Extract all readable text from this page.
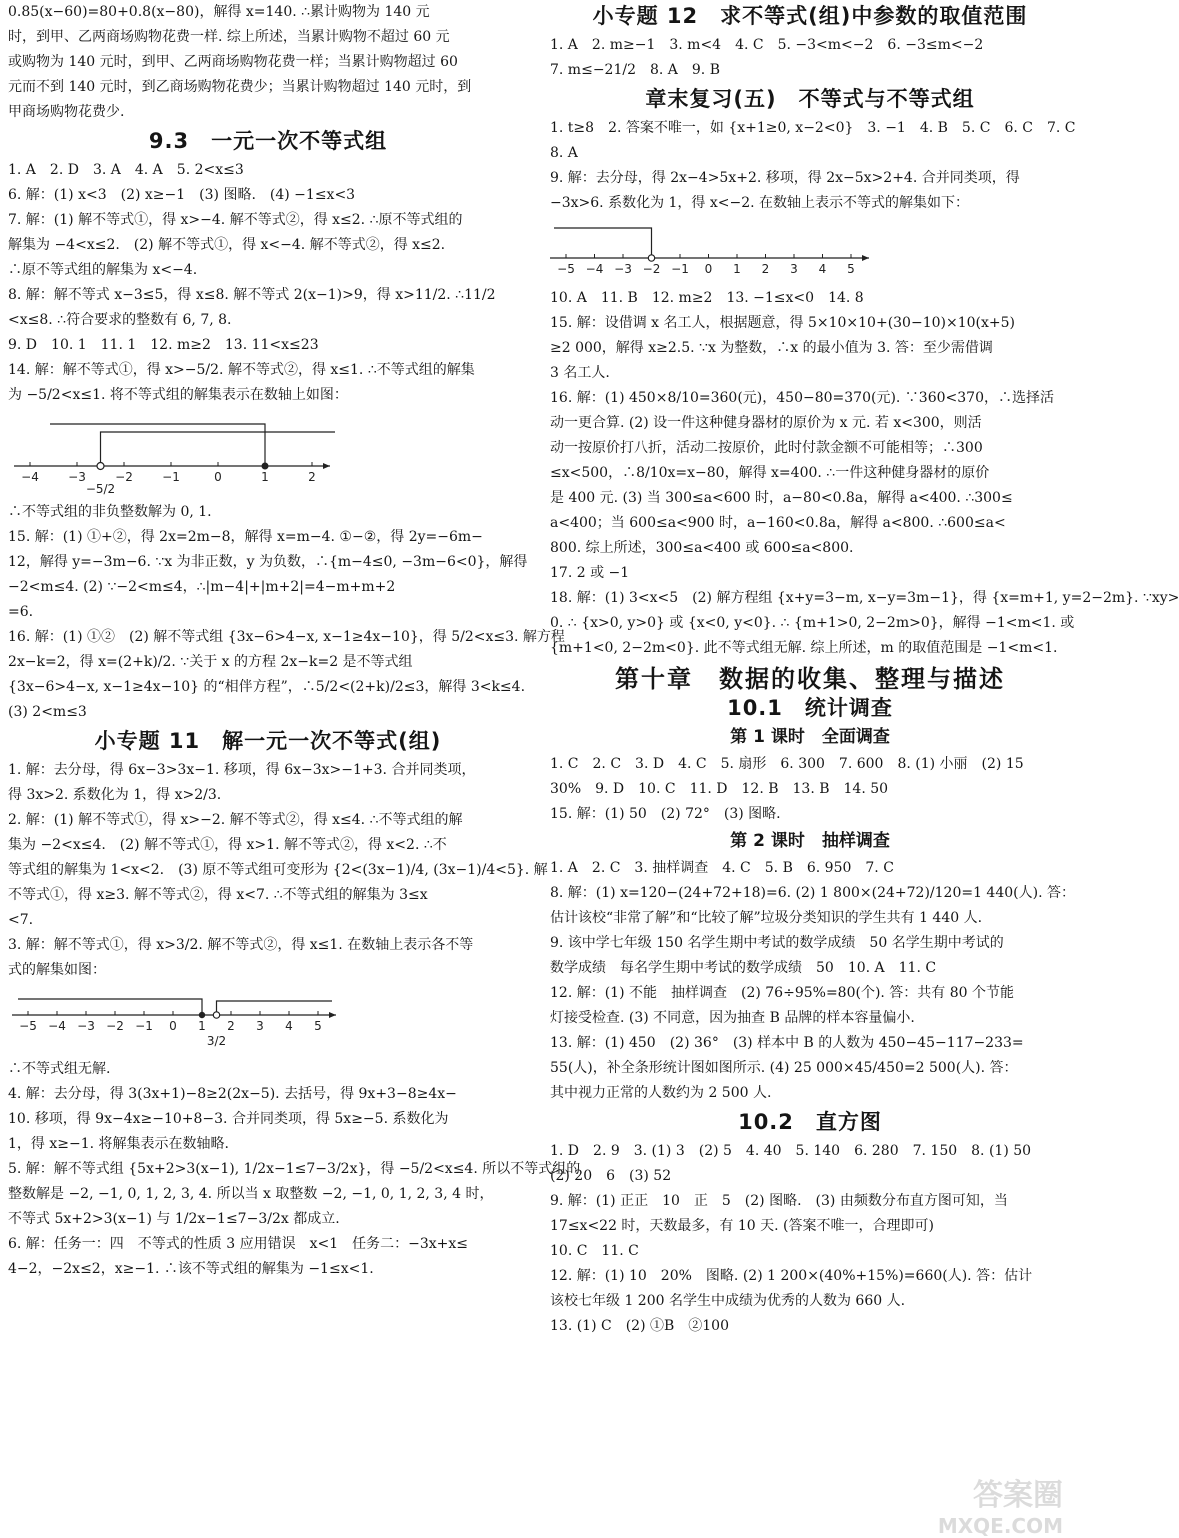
0.85(x−60)=80+0.8(x−80)，解得 x=140. ∴累计购物为 140 元
时，到甲、乙两商场购物花费一样. 综上所述，当累计购物不超过 60 元
或购物为 140 元时，到甲、乙两商场购物花费一样；当累计购物超过 60
元而不到 140 元时，到乙商场购物花费少；当累计购物超过 140 元时，到
甲商场购物花费少.
9.3　一元一次不等式组
1. A　2. D　3. A　4. A　5. 2<x≤3
6. 解：(1) x<3　(2) x≥−1　(3) 图略.　(4) −1≤x<3
7. 解：(1) 解不等式①，得 x>−4. 解不等式②，得 x≤2. ∴原不等式组的
解集为 −4<x≤2.　(2) 解不等式①，得 x<−4. 解不等式②，得 x≤2.
∴原不等式组的解集为 x<−4.
8. 解：解不等式 x−3≤5，得 x≤8. 解不等式 2(x−1)>9，得 x>11/2. ∴11/2
<x≤8. ∴符合要求的整数有 6, 7, 8.
9. D　10. 1　11. 1　12. m≥2　13. 11<x≤23
14. 解：解不等式①，得 x>−5/2. 解不等式②，得 x≤1. ∴不等式组的解集
为 −5/2<x≤1. 将不等式组的解集表示在数轴上如图：
−4 −3 −2 −1	0	1	2
−5/2
∴不等式组的非负整数解为 0, 1.
15. 解：(1) ①+②，得 2x=2m−8，解得 x=m−4. ①−②，得 2y=−6m−
12，解得 y=−3m−6. ∵x 为非正数，y 为负数，∴{m−4≤0, −3m−6<0}，解得
−2<m≤4. (2) ∵−2<m≤4，∴|m−4|+|m+2|=4−m+m+2
=6.
16. 解：(1) ①②　(2) 解不等式组 {3x−6>4−x, x−1≥4x−10}，得 5/2<x≤3. 解方程
2x−k=2，得 x=(2+k)/2. ∵关于 x 的方程 2x−k=2 是不等式组
{3x−6>4−x, x−1≥4x−10} 的“相伴方程”，∴5/2<(2+k)/2≤3，解得 3<k≤4.
(3) 2<m≤3
小专题 11　解一元一次不等式(组)
1. 解：去分母，得 6x−3>3x−1. 移项，得 6x−3x>−1+3. 合并同类项，
得 3x>2. 系数化为 1，得 x>2/3.
2. 解：(1) 解不等式①，得 x>−2. 解不等式②，得 x≤4. ∴不等式组的解
集为 −2<x≤4.　(2) 解不等式①，得 x>1. 解不等式②，得 x<2. ∴不
等式组的解集为 1<x<2.　(3) 原不等式组可变形为 {2<(3x−1)/4, (3x−1)/4<5}. 解
不等式①，得 x≥3. 解不等式②，得 x<7. ∴不等式组的解集为 3≤x
<7.
3. 解：解不等式①，得 x>3/2. 解不等式②，得 x≤1. 在数轴上表示各不等
式的解集如图：
−5 −4 −3 −2 −1 0 1 2 3 4 5
3/2
∴不等式组无解.
4. 解：去分母，得 3(3x+1)−8≥2(2x−5). 去括号，得 9x+3−8≥4x−
10. 移项，得 9x−4x≥−10+8−3. 合并同类项，得 5x≥−5. 系数化为
1，得 x≥−1. 将解集表示在数轴略.
5. 解：解不等式组 {5x+2>3(x−1), 1/2x−1≤7−3/2x}，得 −5/2<x≤4. 所以不等式组的
整数解是 −2, −1, 0, 1, 2, 3, 4. 所以当 x 取整数 −2, −1, 0, 1, 2, 3, 4 时，
不等式 5x+2>3(x−1) 与 1/2x−1≤7−3/2x 都成立.
6. 解：任务一：四　不等式的性质 3 应用错误　x<1　任务二：−3x+x≤
4−2，−2x≤2，x≥−1. ∴该不等式组的解集为 −1≤x<1.
小专题 12　求不等式(组)中参数的取值范围
1. A　2. m≥−1　3. m<4　4. C　5. −3<m<−2　6. −3≤m<−2
7. m≤−21/2　8. A　9. B
章末复习(五)　不等式与不等式组
1. t≥8　2. 答案不唯一，如 {x+1≥0, x−2<0}　3. −1　4. B　5. C　6. C　7. C
8. A
9. 解：去分母，得 2x−4>5x+2. 移项，得 2x−5x>2+4. 合并同类项，得
−3x>6. 系数化为 1，得 x<−2. 在数轴上表示不等式的解集如下：
−5 −4 −3 −2 −1 0 1 2 3 4 5
10. A　11. B　12. m≥2　13. −1≤x<0　14. 8
15. 解：设借调 x 名工人，根据题意，得 5×10×10+(30−10)×10(x+5)
≥2 000，解得 x≥2.5. ∵x 为整数，∴x 的最小值为 3. 答：至少需借调
3 名工人.
16. 解：(1) 450×8/10=360(元)，450−80=370(元). ∵360<370，∴选择活
动一更合算. (2) 设一件这种健身器材的原价为 x 元. 若 x<300，则活
动一按原价打八折，活动二按原价，此时付款金额不可能相等；∴300
≤x<500，∴8/10x=x−80，解得 x=400. ∴一件这种健身器材的原价
是 400 元. (3) 当 300≤a<600 时，a−80<0.8a，解得 a<400. ∴300≤
a<400；当 600≤a<900 时，a−160<0.8a，解得 a<800. ∴600≤a<
800. 综上所述，300≤a<400 或 600≤a<800.
17. 2 或 −1
18. 解：(1) 3<x<5　(2) 解方程组 {x+y=3−m, x−y=3m−1}，得 {x=m+1, y=2−2m}. ∵xy>
0. ∴ {x>0, y>0} 或 {x<0, y<0}. ∴ {m+1>0, 2−2m>0}，解得 −1<m<1. 或
{m+1<0, 2−2m<0}. 此不等式组无解. 综上所述，m 的取值范围是 −1<m<1.
第十章　数据的收集、整理与描述
10.1　统计调查
第 1 课时　全面调查
1. C　2. C　3. D　4. C　5. 扇形　6. 300　7. 600　8. (1) 小丽　(2) 15
30%　9. D　10. C　11. D　12. B　13. B　14. 50
15. 解：(1) 50　(2) 72°　(3) 图略.
第 2 课时　抽样调查
1. A　2. C　3. 抽样调查　4. C　5. B　6. 950　7. C
8. 解：(1) x=120−(24+72+18)=6. (2) 1 800×(24+72)/120=1 440(人). 答：
估计该校“非常了解”和“比较了解”垃圾分类知识的学生共有 1 440 人.
9. 该中学七年级 150 名学生期中考试的数学成绩　50 名学生期中考试的
数学成绩　每名学生期中考试的数学成绩　50　10. A　11. C
12. 解：(1) 不能　抽样调查　(2) 76÷95%=80(个). 答：共有 80 个节能
灯接受检查. (3) 不同意，因为抽查 B 品牌的样本容量偏小.
13. 解：(1) 450　(2) 36°　(3) 样本中 B 的人数为 450−45−117−233=
55(人)，补全条形统计图如图所示. (4) 25 000×45/450=2 500(人). 答：
其中视力正常的人数约为 2 500 人.
10.2　直方图
1. D　2. 9　3. (1) 3　(2) 5　4. 40　5. 140　6. 280　7. 150　8. (1) 50
(2) 20　6　(3) 52
9. 解：(1) 正正　10　正　5　(2) 图略.　(3) 由频数分布直方图可知，当
17≤x<22 时，天数最多，有 10 天. (答案不唯一，合理即可)
10. C　11. C
12. 解：(1) 10　20%　图略. (2) 1 200×(40%+15%)=660(人). 答：估计
该校七年级 1 200 名学生中成绩为优秀的人数为 660 人.
13. (1) C　(2) ①B　②100
答案圈
MXQE.COM
